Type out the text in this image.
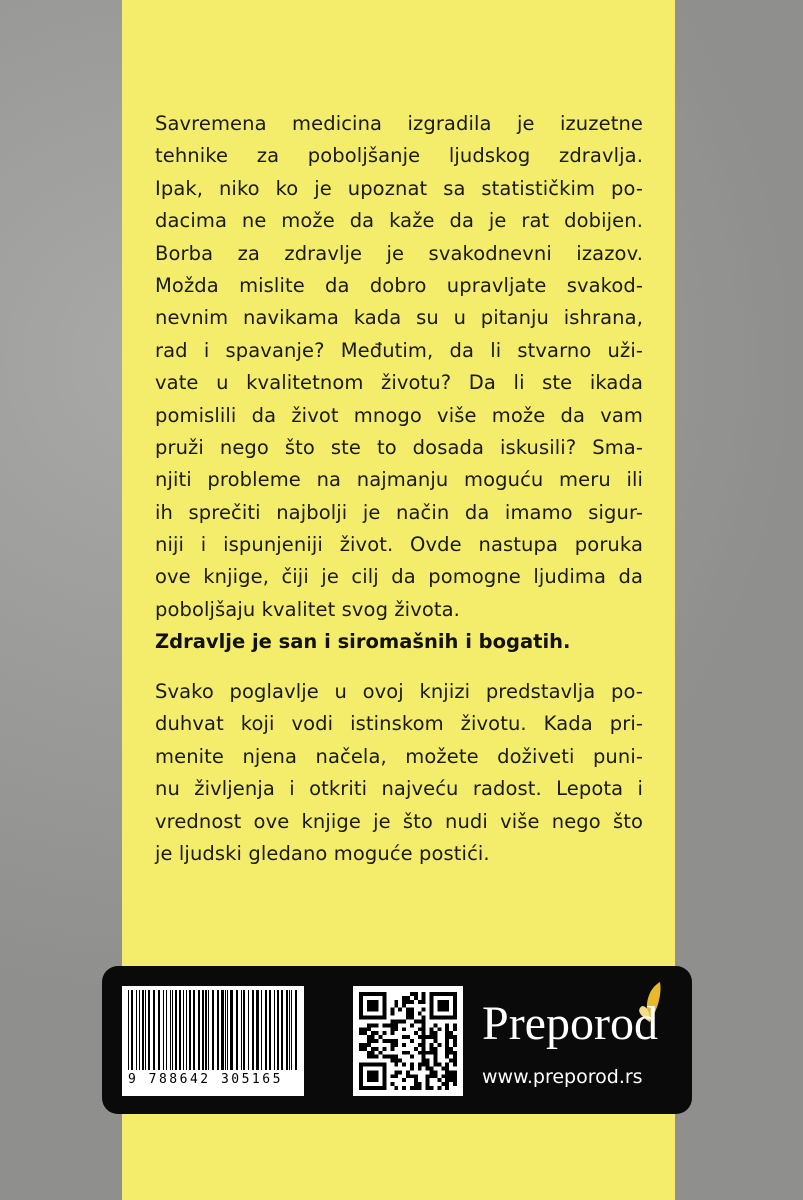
Savremena medicina izgradila je izuzetne
tehnike za poboljšanje ljudskog zdravlja.
Ipak, niko ko je upoznat sa statističkim po-
dacima ne može da kaže da je rat dobijen.
Borba za zdravlje je svakodnevni izazov.
Možda mislite da dobro upravljate svakod-
nevnim navikama kada su u pitanju ishrana,
rad i spavanje? Međutim, da li stvarno uži-
vate u kvalitetnom životu? Da li ste ikada
pomislili da život mnogo više može da vam
pruži nego što ste to dosada iskusili? Sma-
njiti probleme na najmanju moguću meru ili
ih sprečiti najbolji je način da imamo sigur-
niji i ispunjeniji život. Ovde nastupa poruka
ove knjige, čiji je cilj da pomogne ljudima da
poboljšaju kvalitet svog života.
Zdravlje je san i siromašnih i bogatih.
Svako poglavlje u ovoj knjizi predstavlja po-
duhvat koji vodi istinskom životu. Kada pri-
menite njena načela, možete doživeti puni-
nu življenja i otkriti najveću radost. Lepota i
vrednost ove knjige je što nudi više nego što
je ljudski gledano moguće postići.
9 788642 305165
Preporod
www.preporod.rs
